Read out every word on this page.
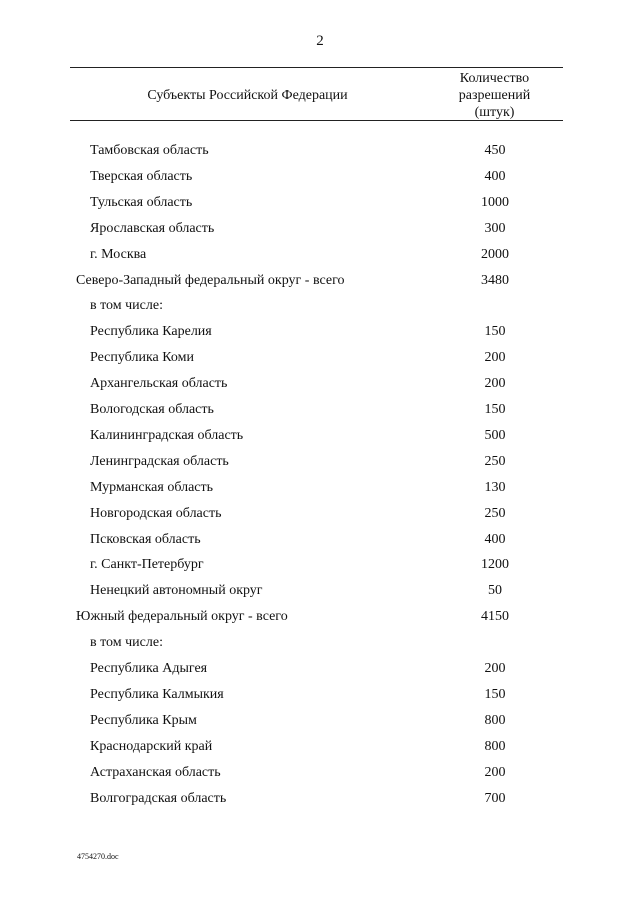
2
Субъекты Российской Федерации
Количество
разрешений
(штук)
Тамбовская область	450
Тверская область	400
Тульская область	1000
Ярославская область	300
г. Москва	2000
Северо-Западный федеральный округ - всего	3480
в том числе:
Республика Карелия	150
Республика Коми	200
Архангельская область	200
Вологодская область	150
Калининградская область	500
Ленинградская область	250
Мурманская область	130
Новгородская область	250
Псковская область	400
г. Санкт-Петербург	1200
Ненецкий автономный округ	50
Южный федеральный округ - всего	4150
в том числе:
Республика Адыгея	200
Республика Калмыкия	150
Республика Крым	800
Краснодарский край	800
Астраханская область	200
Волгоградская область	700
4754270.doc
